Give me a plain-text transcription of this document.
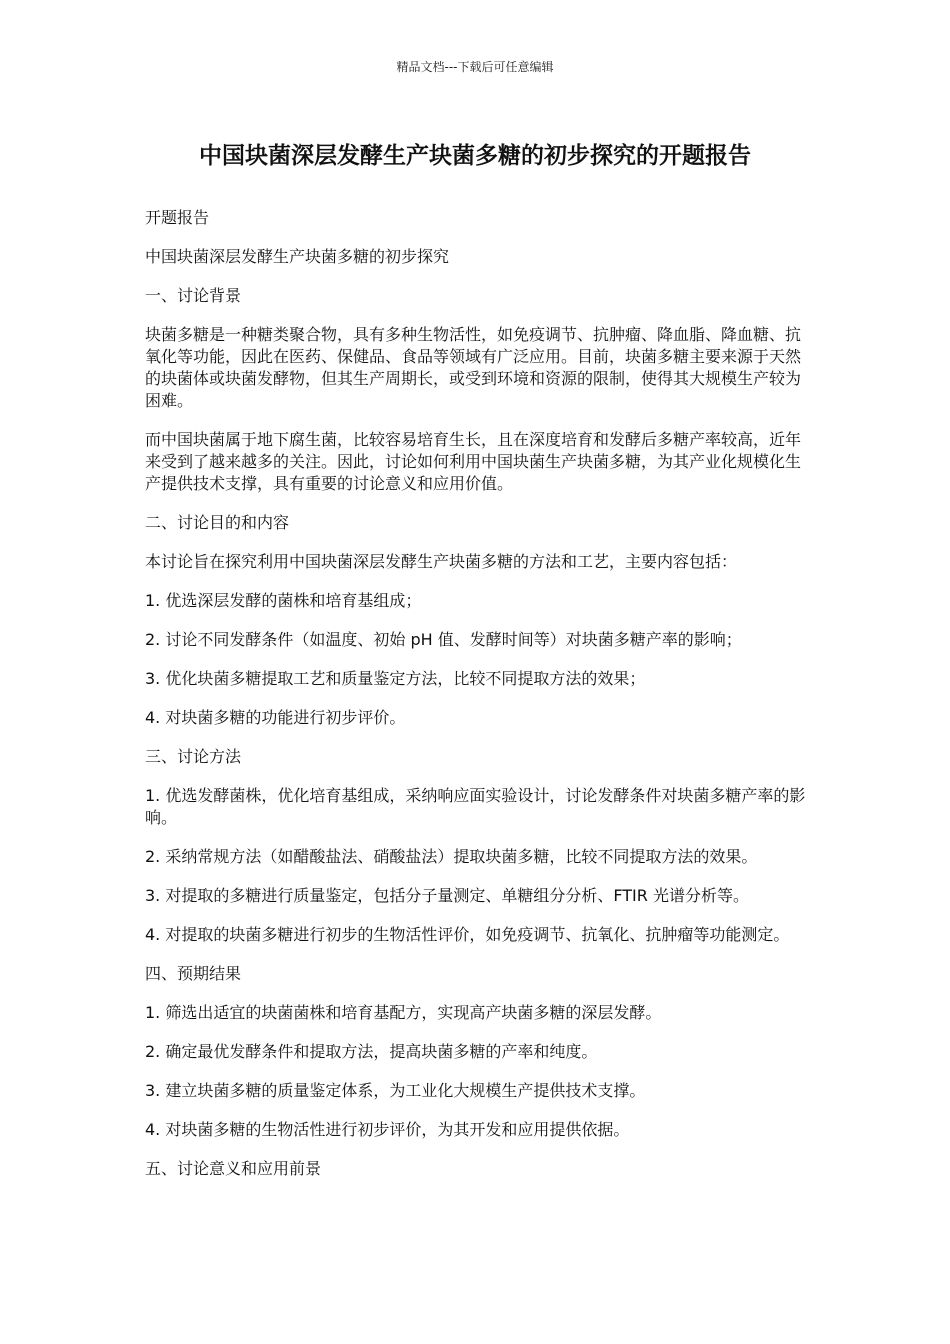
精品文档---下载后可任意编辑
中国块菌深层发酵生产块菌多糖的初步探究的开题报告

开题报告

中国块菌深层发酵生产块菌多糖的初步探究

一、讨论背景

块菌多糖是一种糖类聚合物，具有多种生物活性，如免疫调节、抗肿瘤、降血脂、降血糖、抗氧化等功能，因此在医药、保健品、食品等领域有广泛应用。目前，块菌多糖主要来源于天然的块菌体或块菌发酵物，但其生产周期长，或受到环境和资源的限制，使得其大规模生产较为困难。

而中国块菌属于地下腐生菌，比较容易培育生长，且在深度培育和发酵后多糖产率较高，近年来受到了越来越多的关注。因此，讨论如何利用中国块菌生产块菌多糖，为其产业化规模化生产提供技术支撑，具有重要的讨论意义和应用价值。

二、讨论目的和内容

本讨论旨在探究利用中国块菌深层发酵生产块菌多糖的方法和工艺，主要内容包括：

1. 优选深层发酵的菌株和培育基组成；

2. 讨论不同发酵条件（如温度、初始 pH 值、发酵时间等）对块菌多糖产率的影响；

3. 优化块菌多糖提取工艺和质量鉴定方法，比较不同提取方法的效果；

4. 对块菌多糖的功能进行初步评价。

三、讨论方法

1. 优选发酵菌株，优化培育基组成，采纳响应面实验设计，讨论发酵条件对块菌多糖产率的影响。

2. 采纳常规方法（如醋酸盐法、硝酸盐法）提取块菌多糖，比较不同提取方法的效果。

3. 对提取的多糖进行质量鉴定，包括分子量测定、单糖组分分析、FTIR 光谱分析等。

4. 对提取的块菌多糖进行初步的生物活性评价，如免疫调节、抗氧化、抗肿瘤等功能测定。

四、预期结果

1. 筛选出适宜的块菌菌株和培育基配方，实现高产块菌多糖的深层发酵。

2. 确定最优发酵条件和提取方法，提高块菌多糖的产率和纯度。

3. 建立块菌多糖的质量鉴定体系，为工业化大规模生产提供技术支撑。

4. 对块菌多糖的生物活性进行初步评价，为其开发和应用提供依据。

五、讨论意义和应用前景
